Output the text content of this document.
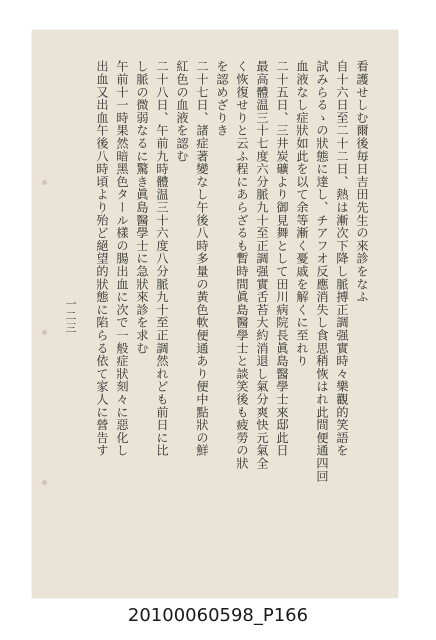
看護せしむ爾後毎日吉田先生の來診をなふ
自十六日至二十二日、熱は漸次下降し脈搏正調强實時々樂觀的笑語を
試みらるゝの狀態に達し、チアフオ反應消失し食思稍恢はれ此間便通四回
血液なし症狀如此を以て余等漸く憂戚を解くに至れり
二十五日、三井炭礦より御見舞として田川病院長眞島醫學士來邸此日
最高體温三十七度六分脈九十至正調强實舌苔大約消退し氣分爽快元氣全
く恢復せりと云ふ程にあらざるも暫時間眞島醫學士と談笑後も疲勞の狀
を認めざりき
二十七日、諸症著變なし午後八時多量の黃色軟便通あり便中點狀の鮮
紅色の血液を認む
二十八日、午前九時體温三十六度八分脈九十至正調然れども前日に比
し脈の微弱なるに驚き眞島醫學士に急狀來診を求む
午前十一時果然暗黑色タール樣の腸出血に次で一般症狀刻々に惡化し
出血又出血午後八時頃より殆ど絕望的狀態に陷らる依て家人に營告す
一二三
20100060598_P166
